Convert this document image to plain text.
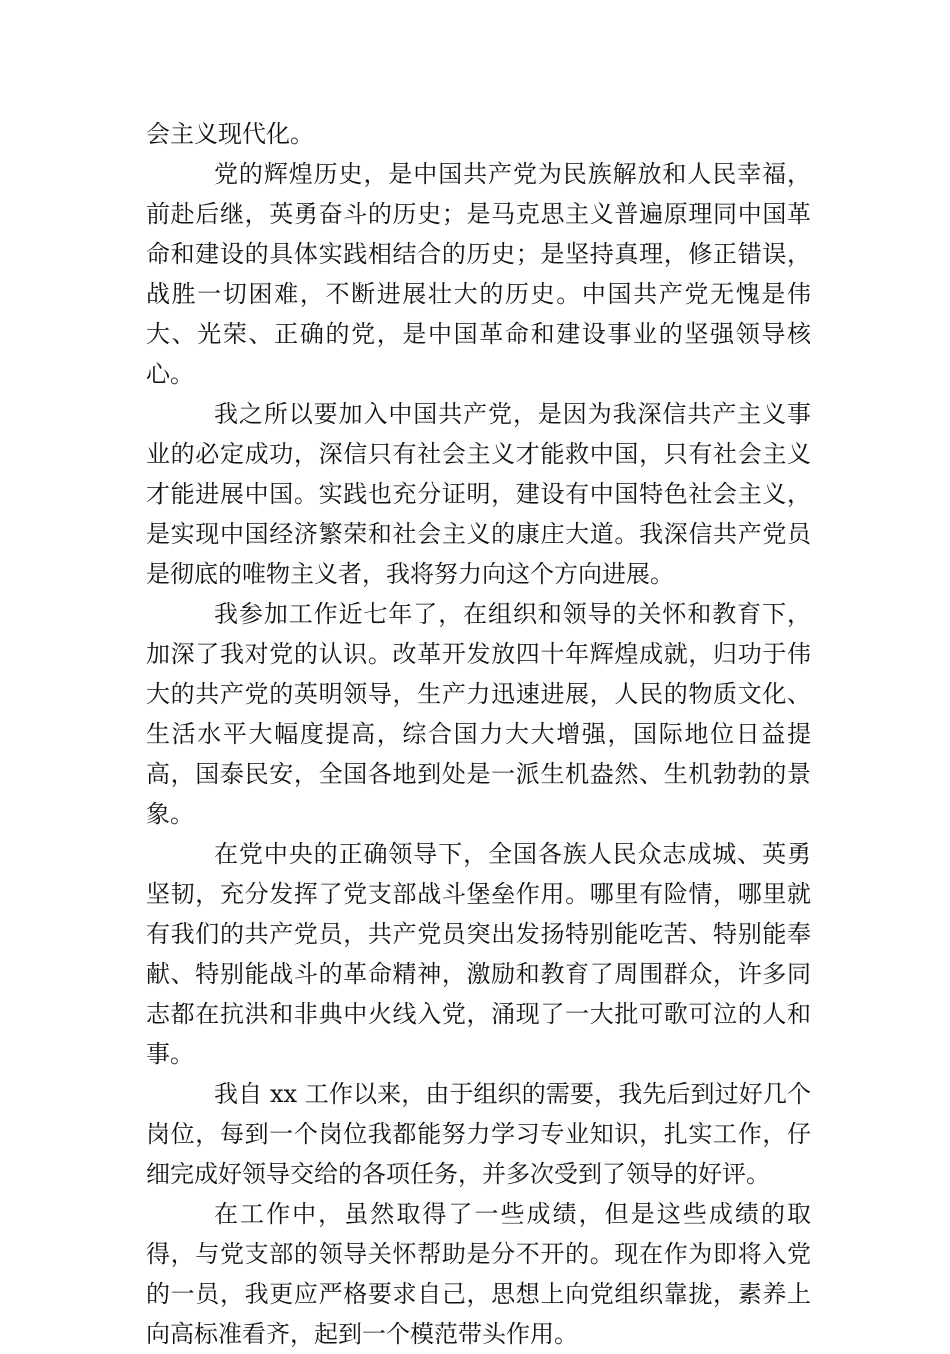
会主义现代化。

党的辉煌历史，是中国共产党为民族解放和人民幸福，前赴后继，英勇奋斗的历史；是马克思主义普遍原理同中国革命和建设的具体实践相结合的历史；是坚持真理，修正错误，战胜一切困难，不断进展壮大的历史。中国共产党无愧是伟大、光荣、正确的党，是中国革命和建设事业的坚强领导核心。

我之所以要加入中国共产党，是因为我深信共产主义事业的必定成功，深信只有社会主义才能救中国，只有社会主义才能进展中国。实践也充分证明，建设有中国特色社会主义，是实现中国经济繁荣和社会主义的康庄大道。我深信共产党员是彻底的唯物主义者，我将努力向这个方向进展。

我参加工作近七年了，在组织和领导的关怀和教育下，加深了我对党的认识。改革开发放四十年辉煌成就，归功于伟大的共产党的英明领导，生产力迅速进展，人民的物质文化、生活水平大幅度提高，综合国力大大增强，国际地位日益提高，国泰民安，全国各地到处是一派生机盎然、生机勃勃的景象。

在党中央的正确领导下，全国各族人民众志成城、英勇坚韧，充分发挥了党支部战斗堡垒作用。哪里有险情，哪里就有我们的共产党员，共产党员突出发扬特别能吃苦、特别能奉献、特别能战斗的革命精神，激励和教育了周围群众，许多同志都在抗洪和非典中火线入党，涌现了一大批可歌可泣的人和事。

我自 xx 工作以来，由于组织的需要，我先后到过好几个岗位，每到一个岗位我都能努力学习专业知识，扎实工作，仔细完成好领导交给的各项任务，并多次受到了领导的好评。

在工作中，虽然取得了一些成绩，但是这些成绩的取得，与党支部的领导关怀帮助是分不开的。现在作为即将入党的一员，我更应严格要求自己，思想上向党组织靠拢，素养上向高标准看齐，起到一个模范带头作用。
